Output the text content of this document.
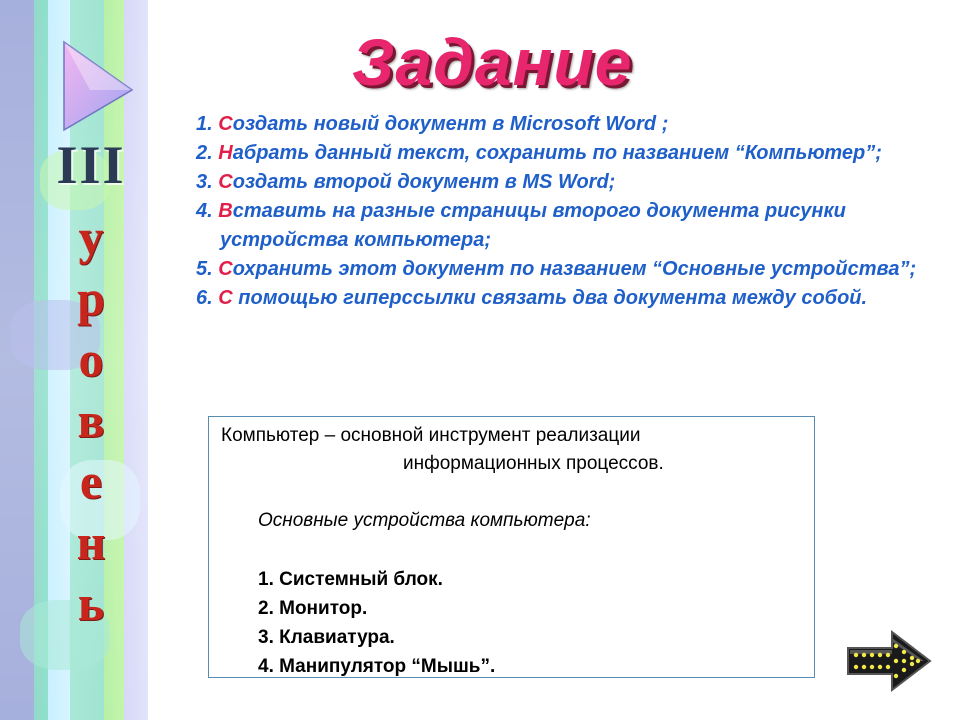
III
у
р
о
в
е
н
ь
Задание
1. Создать новый документ в Microsoft Word ;
2. Набрать данный текст, сохранить по названием “Компьютер”;
3. Создать второй документ в MS Word;
4. Вставить на разные страницы второго документа рисунки устройства компьютера;
5. Сохранить этот документ по названием “Основные устройства”;
6. С помощью гиперссылки связать два документа между собой.
Компьютер – основной инструмент реализации
информационных процессов.
Основные устройства компьютера:
1. Системный блок.
2. Монитор.
3. Клавиатура.
4. Манипулятор “Мышь”.
